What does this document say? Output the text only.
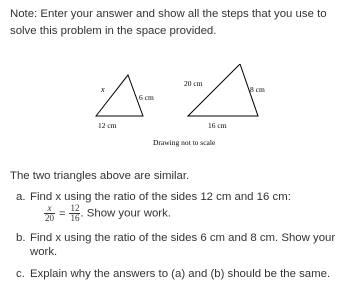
Note: Enter your answer and show all the steps that you use to solve this problem in the space provided.
x
6 cm
12 cm
20 cm
8 cm
16 cm
Drawing not to scale
The two triangles above are similar.
a. Find x using the ratio of the sides 12 cm and 16 cm:

$\frac{x}{20} = \frac{12}{16}$ . Show your work.
b. Find x using the ratio of the sides 6 cm and 8 cm. Show your work.
c. Explain why the answers to (a) and (b) should be the same.
